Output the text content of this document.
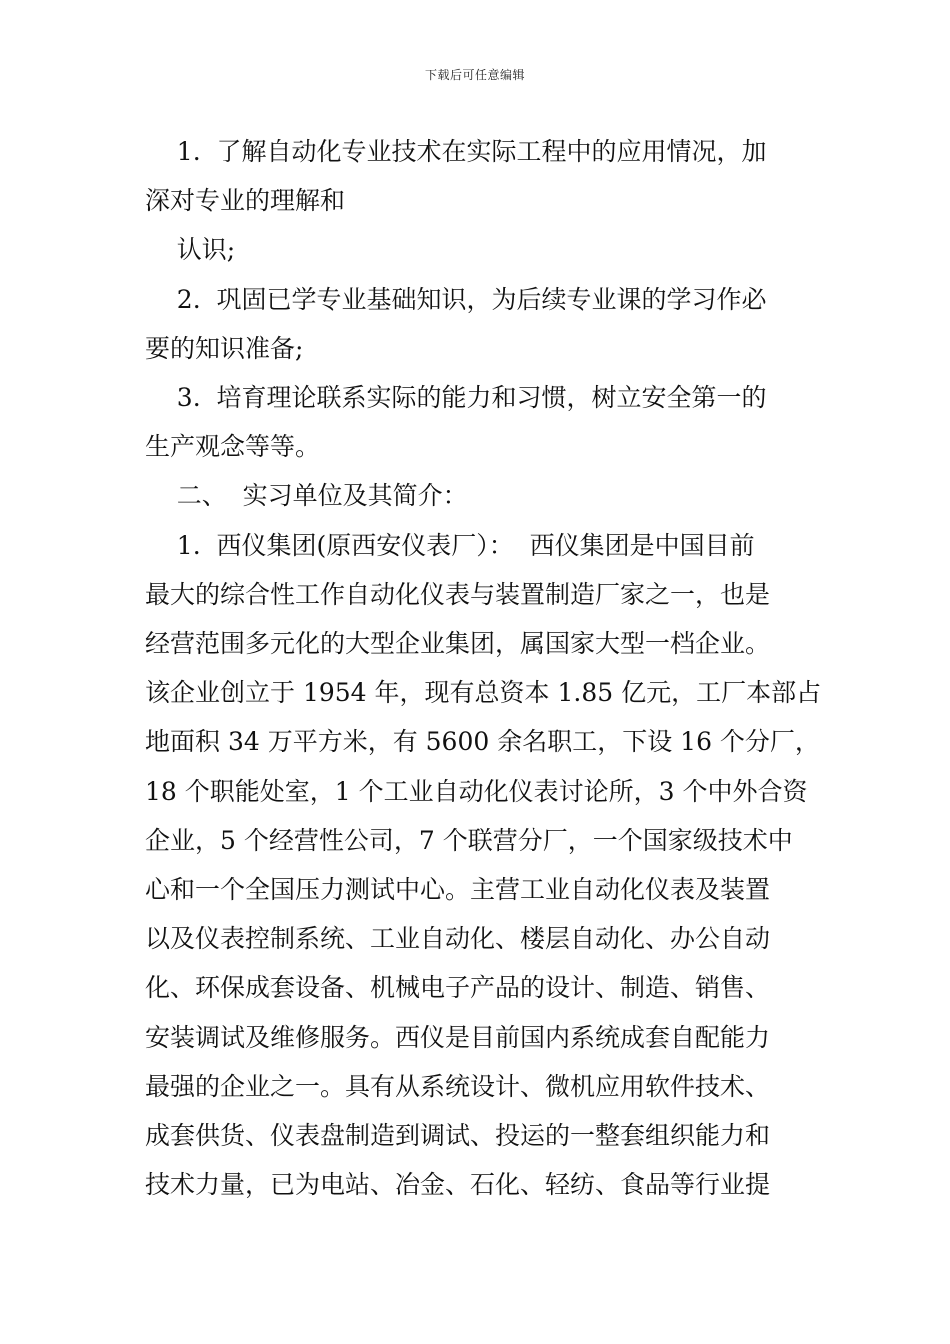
下载后可任意编辑

1.  了解自动化专业技术在实际工程中的应用情况，加

深对专业的理解和

认识;

2.  巩固已学专业基础知识，为后续专业课的学习作必

要的知识准备;

3.  培育理论联系实际的能力和习惯，树立安全第一的

生产观念等等。

二、  实习单位及其简介：

1.  西仪集团(原西安仪表厂）：  西仪集团是中国目前

最大的综合性工作自动化仪表与装置制造厂家之一，也是

经营范围多元化的大型企业集团，属国家大型一档企业。

该企业创立于 1954 年，现有总资本 1.85 亿元，工厂本部占

地面积 34 万平方米，有 5600 余名职工，下设 16 个分厂，

18 个职能处室，1 个工业自动化仪表讨论所，3 个中外合资

企业，5 个经营性公司，7 个联营分厂，一个国家级技术中

心和一个全国压力测试中心。主营工业自动化仪表及装置

以及仪表控制系统、工业自动化、楼层自动化、办公自动

化、环保成套设备、机械电子产品的设计、制造、销售、

安装调试及维修服务。西仪是目前国内系统成套自配能力

最强的企业之一。具有从系统设计、微机应用软件技术、

成套供货、仪表盘制造到调试、投运的一整套组织能力和

技术力量，已为电站、冶金、石化、轻纺、食品等行业提
